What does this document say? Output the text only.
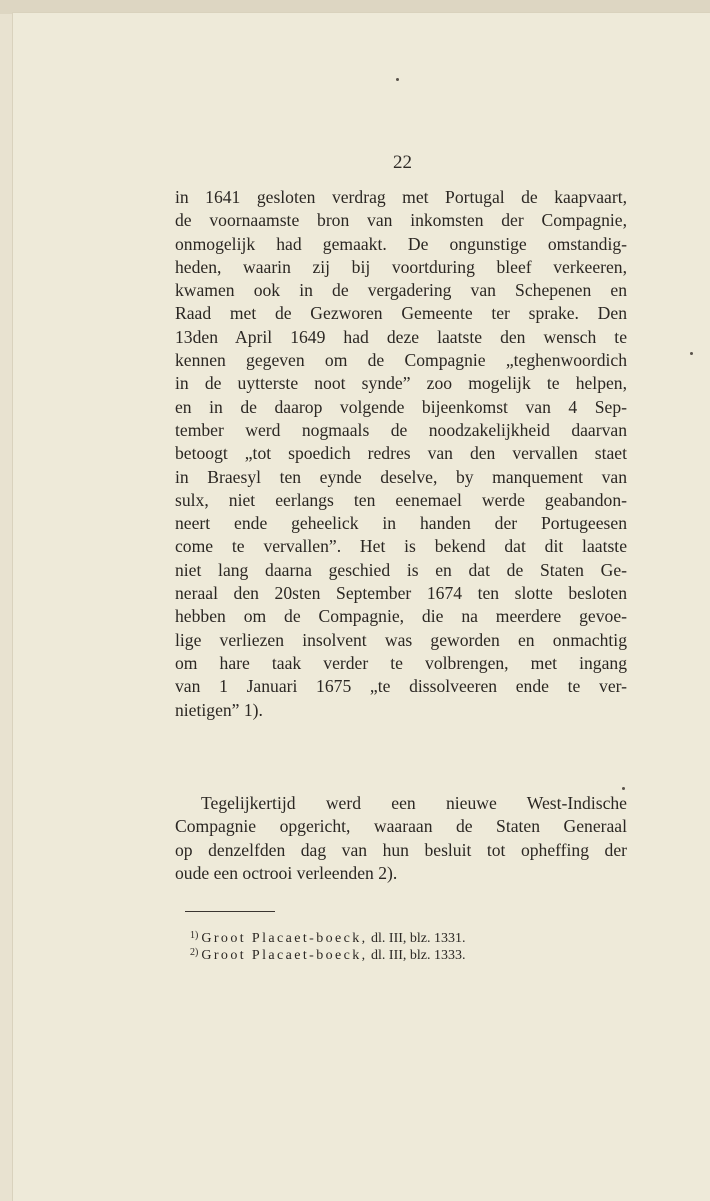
22
in 1641 gesloten verdrag met Portugal de kaapvaart,
de voornaamste bron van inkomsten der Compagnie,
onmogelijk had gemaakt. De ongunstige omstandig-
heden, waarin zij bij voortduring bleef verkeeren,
kwamen ook in de vergadering van Schepenen en
Raad met de Gezworen Gemeente ter sprake. Den
13den April 1649 had deze laatste den wensch te
kennen gegeven om de Compagnie „teghenwoordich
in de uytterste noot synde” zoo mogelijk te helpen,
en in de daarop volgende bijeenkomst van 4 Sep-
tember werd nogmaals de noodzakelijkheid daarvan
betoogt „tot spoedich redres van den vervallen staet
in Braesyl ten eynde deselve, by manquement van
sulx, niet eerlangs ten eenemael werde geabandon-
neert ende geheelick in handen der Portugeesen
come te vervallen”. Het is bekend dat dit laatste
niet lang daarna geschied is en dat de Staten Ge-
neraal den 20sten September 1674 ten slotte besloten
hebben om de Compagnie, die na meerdere gevoe-
lige verliezen insolvent was geworden en onmachtig
om hare taak verder te volbrengen, met ingang
van 1 Januari 1675 „te dissolveeren ende te ver-
nietigen” 1).
Tegelijkertijd werd een nieuwe West-Indische
Compagnie opgericht, waaraan de Staten Generaal
op denzelfden dag van hun besluit tot opheffing der
oude een octrooi verleenden 2).
$^{1)}$ Groot Placaet-boeck, dl. III, blz. 1331.
$^{2)}$ Groot Placaet-boeck, dl. III, blz. 1333.
